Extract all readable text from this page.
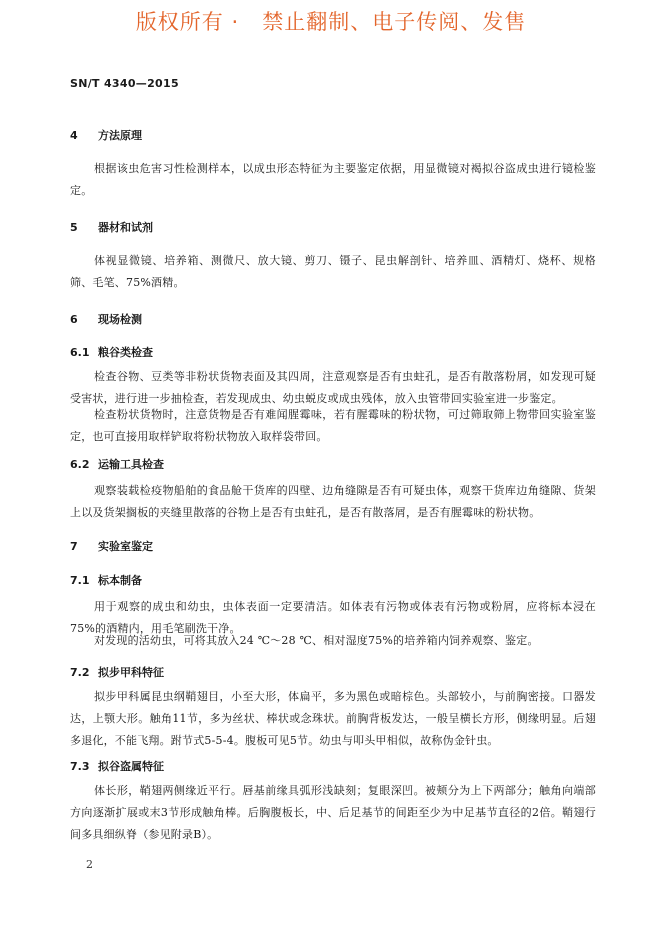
版权所有 ·   禁止翻制、电子传阅、发售
SN/T 4340—2015
4 方法原理
根据该虫危害习性检测样本，以成虫形态特征为主要鉴定依据，用显微镜对褐拟谷盗成虫进行镜检鉴定。
5 器材和试剂
体视显微镜、培养箱、测微尺、放大镜、剪刀、镊子、昆虫解剖针、培养皿、酒精灯、烧杯、规格筛、毛笔、75%酒精。
6 现场检测
6.1 粮谷类检查
检查谷物、豆类等非粉状货物表面及其四周，注意观察是否有虫蛀孔，是否有散落粉屑，如发现可疑受害状，进行进一步抽检查，若发现成虫、幼虫蜕皮或成虫残体，放入虫管带回实验室进一步鉴定。
检查粉状货物时，注意货物是否有难闻腥霉味，若有腥霉味的粉状物，可过筛取筛上物带回实验室鉴定，也可直接用取样铲取将粉状物放入取样袋带回。
6.2 运输工具检查
观察装载检疫物船舶的食品舱干货库的四壁、边角缝隙是否有可疑虫体，观察干货库边角缝隙、货架上以及货架搁板的夹缝里散落的谷物上是否有虫蛀孔，是否有散落屑，是否有腥霉味的粉状物。
7 实验室鉴定
7.1 标本制备
用于观察的成虫和幼虫，虫体表面一定要清洁。如体表有污物或体表有污物或粉屑，应将标本浸在75%的酒精内，用毛笔刷洗干净。
对发现的活幼虫，可将其放入24 ℃～28 ℃、相对湿度75%的培养箱内饲养观察、鉴定。
7.2 拟步甲科特征
拟步甲科属昆虫纲鞘翅目，小至大形，体扁平，多为黑色或暗棕色。头部较小，与前胸密接。口器发达，上颚大形。触角11节，多为丝状、棒状或念珠状。前胸背板发达，一般呈横长方形，侧缘明显。后翅多退化，不能飞翔。跗节式5-5-4。腹板可见5节。幼虫与叩头甲相似，故称伪金针虫。
7.3 拟谷盗属特征
体长形，鞘翅两侧缘近平行。唇基前缘具弧形浅缺刻；复眼深凹。被颊分为上下两部分；触角向端部方向逐渐扩展或末3节形成触角棒。后胸腹板长，中、后足基节的间距至少为中足基节直径的2倍。鞘翅行间多具细纵脊（参见附录B）。
2
